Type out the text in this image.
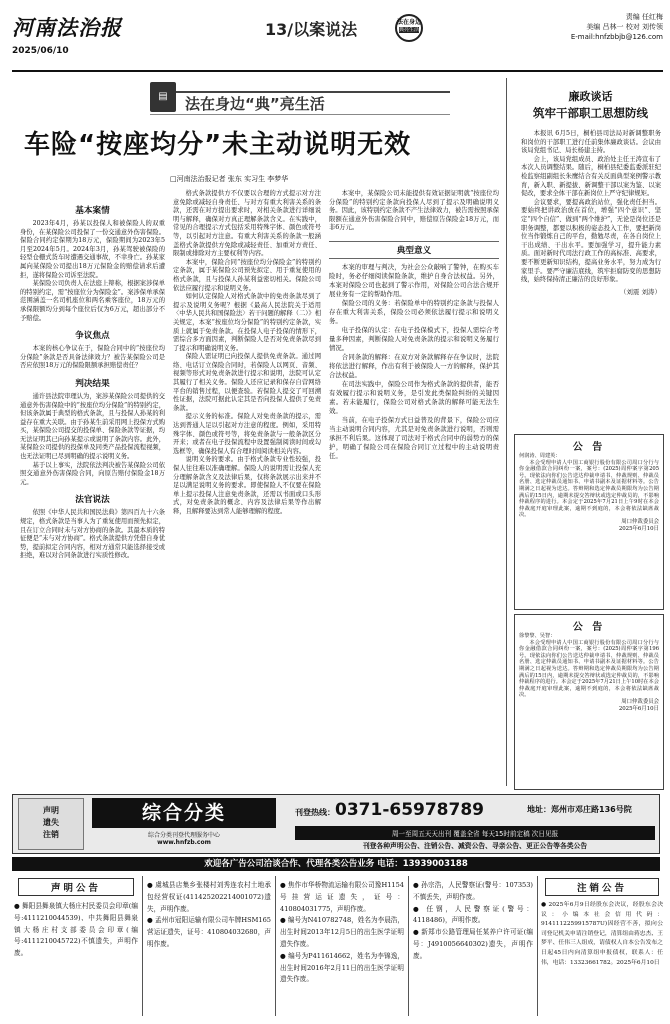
河南法治报
2025/06/10
13/以案说法	法在身边
典亮生活
责编 任红梅
美编 吕林一 校对 刘传领
E-mail:hnfzbbjb@126.com
▤	法在身边“典”亮生活
车险“按座均分”未主动说明无效
□河南法治报记者 张东 实习生 李梦华
基本案情

2023年4月，孙某以投保人和被保险人的双重身份，在某保险公司投保了一份交通意外伤害保险。保险合同约定保期为18万元，保险期间为2023年5月至2024年5月。2024年3月，孙某驾驶被保险的轻型仓栅式货车时遭遇交通事故，不幸身亡。孙某家属向某保险公司提出18万元保险金的赔偿请求后遭拒，遂将保险公司诉至法院。

某保险公司负责人在法庭上辩称，根据案涉保单的特别约定，需“按座位分为保险金”。案涉保单承保范围涵盖一名司机座位和两名乘客座位，18万元的承保限额均分到每个座位后仅为6万元，超出部分不予赔偿。

争议焦点

本案的核心争议在于，保险合同中的“按座位均分保险”条款是否具备法律效力？被告某保险公司是否应依照18万元的保险限额承担赔偿责任？

判决结果

通许县法院审理认为，案涉某保险公司提供的交通意外伤害保险中的“按座位均分保险”的特别约定，但该条款属于典型的格式条款，且与投保人孙某的利益存在重大关联。由于孙某生前采用网上投保方式购买，某保险公司提交的投保单、保险条款等证据，均无法证明其已向孙某提示或说明了条款内容。此外，某保险公司提供的投保单及同类产品投保流程视频，也无法证明已尽到明确的提示说明义务。

基于以上事实，法院依法判决被告某保险公司依照交通意外伤害保险合同，向原告赔付保险金18万元。

法官说法

依照《中华人民共和国民法典》第四百九十六条规定，格式条款是当事人为了重复使用而预先拟定，且在订立合同时未与对方协商的条款。其最本质的特征便是“未与对方协商”。格式条款提供方凭借自身优势，提前拟定合同内容，相对方通常只能选择接受或拒绝，难以对合同条款进行实质性修改。

格式条款提供方不仅要以合理的方式提示对方注意免除或减轻自身责任、与对方有重大利害关系的条款，还需在对方提出要求时，对相关条款进行详细说明与解释，确保对方真正理解条款含义。在实践中，常见的合理提示方式包括采用特殊字体、颜色或符号等，以引起对方注意。有重大利害关系的条款一般涵盖格式条款提供方免除或减轻责任、加重对方责任、限制或排除对方主要权利等内容。

本案中，保险合同“按座位均分保险金”的特别约定条款，属于某保险公司预先拟定、用于重复使用的格式条款，且与投保人孙某利益密切相关。保险公司依法应履行提示和说明义务。

如何认定保险人对格式条款中的免责条款尽到了提示及说明义务呢？根据《最高人民法院关于适用〈中华人民共和国保险法〉若干问题的解释（二）》相关规定，本案“按座位均分保险”的特别约定条款，实质上就属于免责条款。在投保人电子投保的情形下，需综合多方面因素，判断保险人是否对免责条款尽到了提示和明确说明义务。

保险人需证明已向投保人提供免责条款。通过网络、电话订立保险合同时，若保险人以网页、音频、视频等形式对免责条款进行提示和说明，法院可认定其履行了相关义务。保险人还应记录和保存自营网络平台的销售过程，以便查验。若保险人提交了可回溯性证据，法院可据此认定其是否向投保人提供了免责条款。

提示义务的标准。保险人对免责条款的提示，需达到普通人足以引起对方注意的程度。例如，采用特殊字体、颜色或符号等，将免责条款与一般条款区分开来；或者在电子投保流程中设置强制阅读时间或勾选框等，确保投保人有合理时间阅读相关内容。

说明义务的要求。由于格式条款专业性较强，投保人往往难以准确理解。保险人的说明需让投保人充分理解条款含义及法律后果，仅将条款展示出来并不足以满足说明义务的要求。即使保险人不仅要在保险单上提示投保人注意免责条款，还需以书面或口头形式，对免责条款的概念、内容及法律后果等作出解释，且解释要达到常人能够理解的程度。

本案中，某保险公司未能提供有效证据证明就“按座位均分保险”的特别约定条款向投保人尽到了提示及明确说明义务。因此，该特别约定条款不产生法律效力，被告需按照承保限额在通意外伤害保险合同中，赔偿原告保险金18万元，而非6万元。

典型意义

本案的审理与判决，为社会公众敲响了警钟，在购买车险时，务必仔细阅读保险条款，维护自身合法权益。另外，本案对保险公司也起到了警示作用，对保险公司合法合规开展业务有一定的帮助作用。

保险公司的义务：若保险单中的特别约定条款与投保人存在重大利害关系，保险公司必须依法履行提示和说明义务。

电子投保的认定：在电子投保模式下，投保人需综合考量多种因素，判断保险人对免责条款的提示和说明义务履行情况。

合同条款的解释：在双方对条款解释存在争议时，法院将依法进行解释，作出有利于被保险人一方的解释，保护其合法权益。

在司法实践中，保险公司作为格式条款的提供者，能否有效履行提示和说明义务，是引发此类保险纠纷的关键因素。若未能履行，保险公司对格式条款的解释可能无法生效。

当前，在电子投保方式日益普及的背景下，保险公司应当主动说明合同内容，尤其是对免责条款进行说明，否则需承担不利后果。这体现了司法对于格式合同中的弱势方的保护，明确了保险公司在保险合同订立过程中的主动说明责任。

廉政谈话
筑牢干部职工思想防线

本报讯 6月5日，桐柏县司法局对新调整职务和岗位的干部职工进行任前集体廉政谈话。会议由该局党组书记、局长杨建主持。

会上，该局党组成员、政治处主任王涛宣布了本次人员调整结果。随后，桐柏县纪委监委派驻纪检监察组副组长朱鹰结合有关反面典型案例警示教育，新入职、新提拔、新调整干部以案为鉴、以案促改，要求全体干部在新岗位上严守纪律规矩。

会议要求，要提高政治站位，强化责任担当。要始终把讲政治放在首位，增强“四个意识”、坚定“四个自信”、做到“两个维护”，无论是岗位还是职务调整，都要以积极的姿态投入工作，要把新岗位当作锻炼自己的平台，勤勉尽责，在各自岗位上干出成绩、干出水平。要加强学习，提升能力素质。面对新时代司法行政工作的高标准、高要求，要不断更新知识结构，提高业务水平，努力成为行家里手。要严守廉洁底线，筑牢拒腐防变的思想防线，始终保持清正廉洁的良好形象。

（刘震 刘涛）
公 告
何润涛、周建英：
本会受理申请人中国工商银行股份有限公司周口分行与你金融借款合同纠纷一案，案号：(2025)周仲案字第205号。现依法向你们公告送达仲裁申请书、仲裁规则、仲裁员名册、选定仲裁员通知书、申请书副本及证据材料等。公告期满之日起视为送达。答辩期和选定仲裁员期限均为公告期满后的15日内，逾期未提交答辩状或选定仲裁员的，不影响仲裁程序的进行。本会定于2025年7月21日上午9时在本会仲裁庭开庭审理此案，逾期不到庭的，本会将依法缺席裁决。
周口仲裁委员会
2025年6月10日
公 告
徐黎黎、吴智：
本会受理申请人中国工商银行股份有限公司周口分行与你金融借款合同纠纷一案，案号：(2025)周仲案字第196号。现依法向你们公告送达仲裁申请书、仲裁规则、仲裁员名册、选定仲裁员通知书、申请书副本及证据材料等。公告期满之日起视为送达。答辩期和选定仲裁员期限均为公告期满后的15日内，逾期未提交答辩状或选定仲裁员的，不影响仲裁程序的进行。本会定于2025年7月21日上午10时在本会仲裁庭开庭审理此案，逾期不到庭的，本会将依法缺席裁决。
周口仲裁委员会
2025年6月10日
声明
遗失
注销
综合分类
综合分类刊登代理服务中心
www.hnfzb.com
刊登热线：0371-65978789	地址：郑州市邓庄路136号院
周一至周五天天出刊 覆盖全省 每天15时前定稿 次日见报
刊登各种声明公告、注销公告、减资公告、寻亲公告、更正公告等各类公告
欢迎各广告公司洽谈合作、代理各类公告业务 电话：13939003188
声明公告
● 舞阳县舞泉镇大杨庄村民委员会印章(编号:4111210044539)、中共舞阳县舞泉镇大杨庄村支部委员会印章(编号:4111210045722)不慎遗失，声明作废。
● 虞城县店集乡张楼村刘秀连农村土地承包经营权证(411425202214001072)遗失，声明作废。
● 孟州市冠阳运输有限公司车牌HSM165营运证遗失，证号：410804032680，声明作废。
● 焦作市华桥物流运输有限公司豫H1154号挂营运证遗失，证号：410804031775，声明作废。
● 编号为N410782748，姓名为李晨浩，出生时间2013年12月5日的出生医学证明遗失作废。
● 编号为P411614662，姓名为李锦逸，出生时间2016年2月11日的出生医学证明遗失作废。
● 孙宗浩，人民警察证(警号：107353)不慎丢失，声明作废。
● 任钢，人民警察证(警号：4118486)，声明作废。
● 新郑市公路管理局任某养户许可证(编号：J4910056640302)遗失，声明作废。
注销公告
● 2025年6月9日经股东会决议，经股东会决议：小编本社会信用代码：9141112259915787U)因经营不善，拟向公司登记机关申请注销登记，清算组由蒋忠杰、王梦平、任伟三人组成，请债权人自本公告发布之日起45日内向清算组申报债权，联系人：任伟，电话：13323661782。2025年6月10日
